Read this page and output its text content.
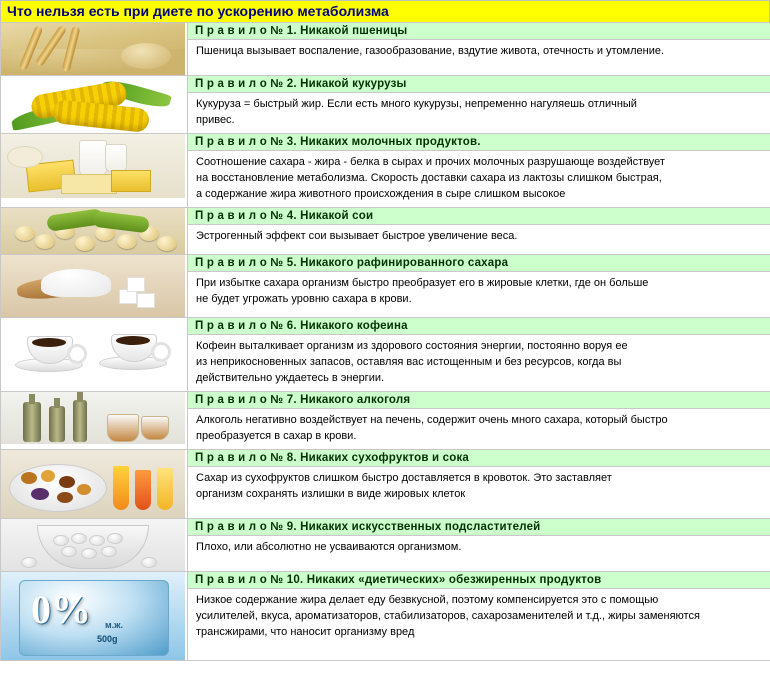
Что нельзя есть при диете по ускорению метаболизма

	П р а в и л о № 1. Никакой пшеницы

Пшеница вызывает воспаление, газообразование, вздутие живота, отечность и утомление.

	П р а в и л о № 2. Никакой кукурузы

Кукуруза = быстрый жир. Если есть много кукурузы, непременно нагуляешь отличный

привес.

	П р а в и л о № 3. Никаких молочных продуктов.

Соотношение сахара - жира - белка в сырах и прочих молочных разрушающе воздействует

на восстановление метаболизма. Скорость доставки сахара из лактозы слишком быстрая,

а содержание жира животного происхождения в сыре слишком высокое

	П р а в и л о № 4. Никакой сои

Эстрогенный эффект сои вызывает быстрое увеличение веса.

	П р а в и л о № 5. Никакого рафинированного сахара

При избытке сахара организм быстро преобразует его в жировые клетки, где он больше

не будет угрожать уровню сахара в крови.

	П р а в и л о № 6. Никакого кофеина

Кофеин выталкивает организм из здорового состояния энергии, постоянно воруя ее

из неприкосновенных запасов, оставляя вас истощенным и без ресурсов, когда вы

действительно уждаетесь в энергии.

	П р а в и л о № 7. Никакого алкоголя

Алкоголь негативно воздействует на печень, содержит очень много сахара, который быстро

преобразуется в сахар в крови.

	П р а в и л о № 8. Никаких сухофруктов и сока

Сахар из сухофруктов слишком быстро доставляется в кровоток. Это заставляет

организм сохранять излишки в виде жировых клеток

	П р а в и л о № 9. Никаких искусственных подсластителей

Плохо, или абсолютно не усваиваются организмом.

0% м.ж.
500g

П р а в и л о № 10. Никаких «диетических» обезжиренных продуктов

Низкое содержание жира делает еду безвкусной, поэтому компенсируется это с помощью

усилителей, вкуса, ароматизаторов, стабилизаторов, сахарозаменителей и т.д., жиры заменяются

трансжирами, что наносит организму вред
